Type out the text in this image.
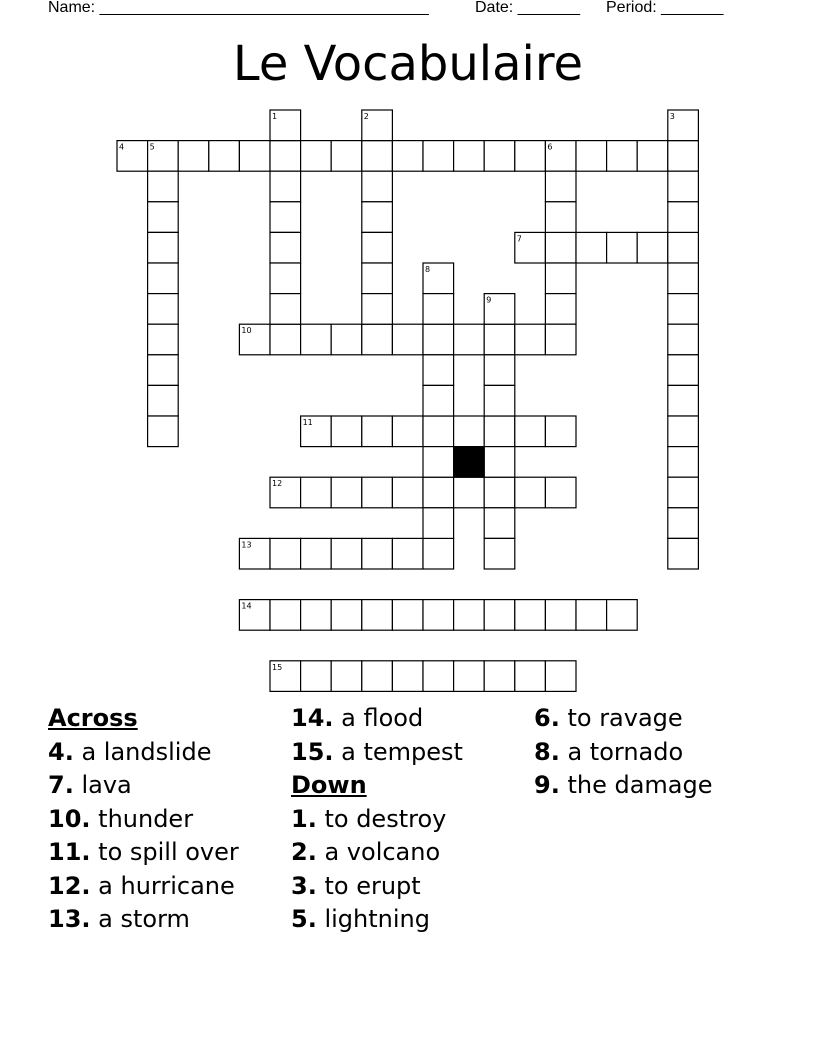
Name: _____________________________________

	Date: _______

Period: _______

Le Vocabulaire
4	5	6
7
10
11
12
13
14
15
1	2	3
8
9
Across
4. a landslide
7. lava
10. thunder
11. to spill over
12. a hurricane
13. a storm
14. a flood
15. a tempest
Down
1. to destroy
2. a volcano
3. to erupt
5. lightning
6. to ravage
8. a tornado
9. the damage
